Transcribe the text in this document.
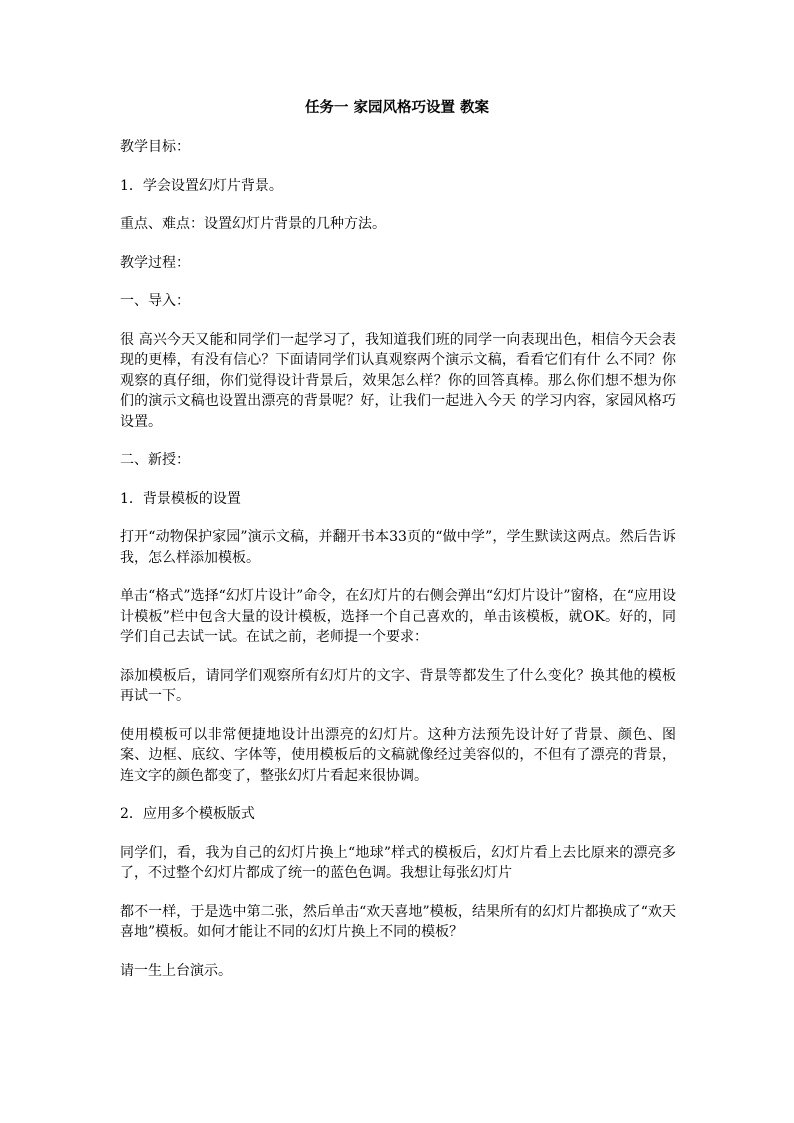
任务一 家园风格巧设置 教案

教学目标：

1．学会设置幻灯片背景。

重点、难点：设置幻灯片背景的几种方法。

教学过程：

一、导入：

很 高兴今天又能和同学们一起学习了，我知道我们班的同学一向表现出色，相信今天会表现的更棒，有没有信心？下面请同学们认真观察两个演示文稿，看看它们有什 么不同？你观察的真仔细，你们觉得设计背景后，效果怎么样？你的回答真棒。那么你们想不想为你们的演示文稿也设置出漂亮的背景呢？好，让我们一起进入今天 的学习内容，家园风格巧设置。

二、新授：

1．背景模板的设置

打开“动物保护家园”演示文稿，并翻开书本33页的“做中学”，学生默读这两点。然后告诉我，怎么样添加模板。

单击“格式”选择“幻灯片设计”命令，在幻灯片的右侧会弹出“幻灯片设计”窗格，在“应用设计模板”栏中包含大量的设计模板，选择一个自己喜欢的，单击该模板，就OK。好的，同学们自己去试一试。在试之前，老师提一个要求：

添加模板后，请同学们观察所有幻灯片的文字、背景等都发生了什么变化？换其他的模板再试一下。

使用模板可以非常便捷地设计出漂亮的幻灯片。这种方法预先设计好了背景、颜色、图案、边框、底纹、字体等，使用模板后的文稿就像经过美容似的，不但有了漂亮的背景，连文字的颜色都变了，整张幻灯片看起来很协调。

2．应用多个模板版式

同学们，看，我为自己的幻灯片换上“地球”样式的模板后，幻灯片看上去比原来的漂亮多了，不过整个幻灯片都成了统一的蓝色色调。我想让每张幻灯片

都不一样，于是选中第二张，然后单击“欢天喜地”模板，结果所有的幻灯片都换成了“欢天喜地”模板。如何才能让不同的幻灯片换上不同的模板？

请一生上台演示。
